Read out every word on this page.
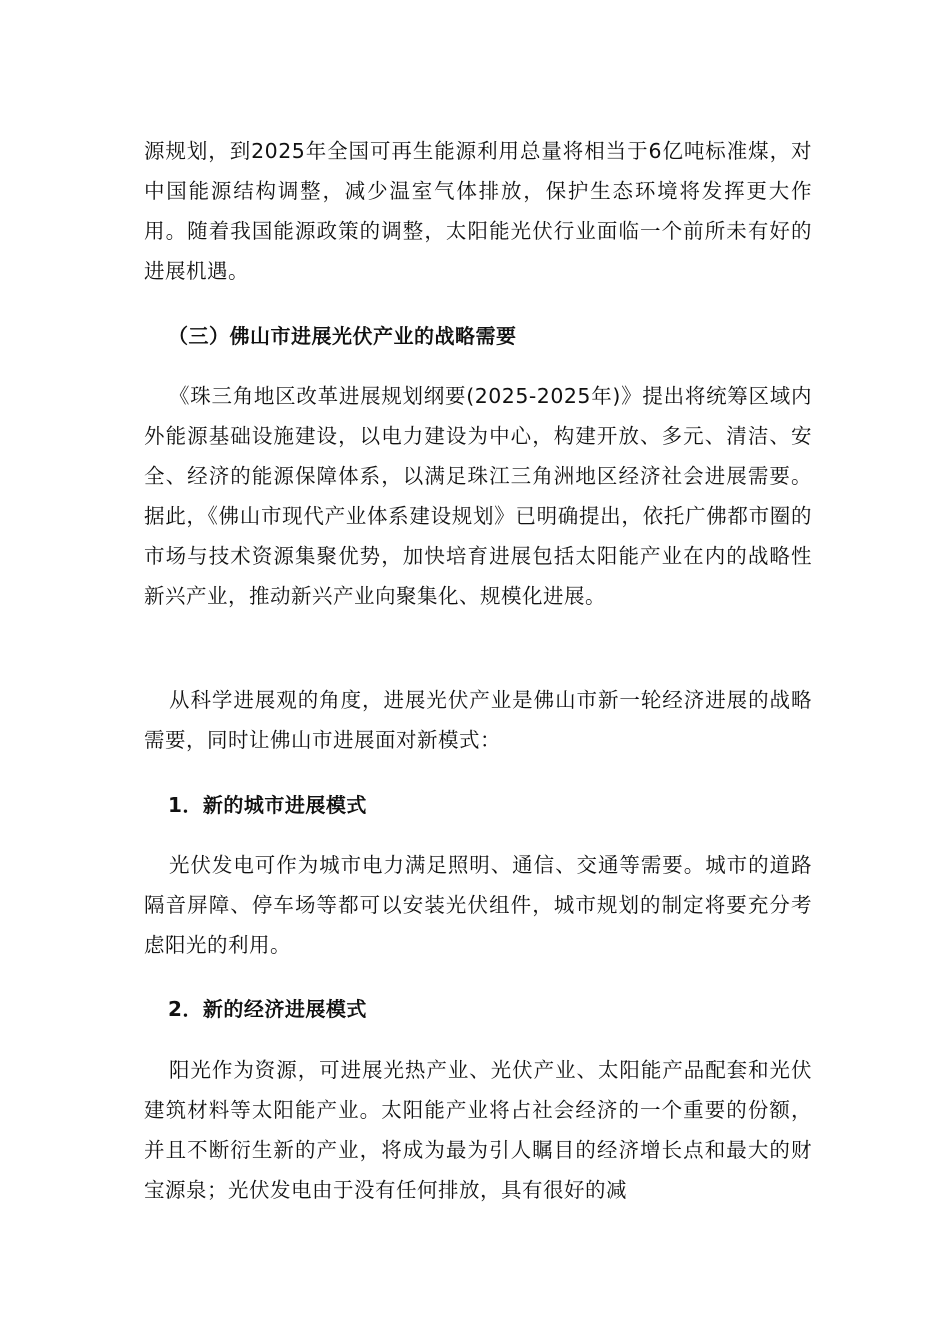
源规划，到2025年全国可再生能源利用总量将相当于6亿吨标准煤，对中国能源结构调整，减少温室气体排放，保护生态环境将发挥更大作用。随着我国能源政策的调整，太阳能光伏行业面临一个前所未有好的进展机遇。

（三）佛山市进展光伏产业的战略需要

《珠三角地区改革进展规划纲要(2025-2025年)》提出将统筹区域内外能源基础设施建设，以电力建设为中心，构建开放、多元、清洁、安全、经济的能源保障体系，以满足珠江三角洲地区经济社会进展需要。据此，《佛山市现代产业体系建设规划》已明确提出，依托广佛都市圈的市场与技术资源集聚优势，加快培育进展包括太阳能产业在内的战略性新兴产业，推动新兴产业向聚集化、规模化进展。

从科学进展观的角度，进展光伏产业是佛山市新一轮经济进展的战略需要，同时让佛山市进展面对新模式：

1．新的城市进展模式

光伏发电可作为城市电力满足照明、通信、交通等需要。城市的道路隔音屏障、停车场等都可以安装光伏组件，城市规划的制定将要充分考虑阳光的利用。

2．新的经济进展模式

阳光作为资源，可进展光热产业、光伏产业、太阳能产品配套和光伏建筑材料等太阳能产业。太阳能产业将占社会经济的一个重要的份额，并且不断衍生新的产业，将成为最为引人瞩目的经济增长点和最大的财宝源泉；光伏发电由于没有任何排放，具有很好的减
